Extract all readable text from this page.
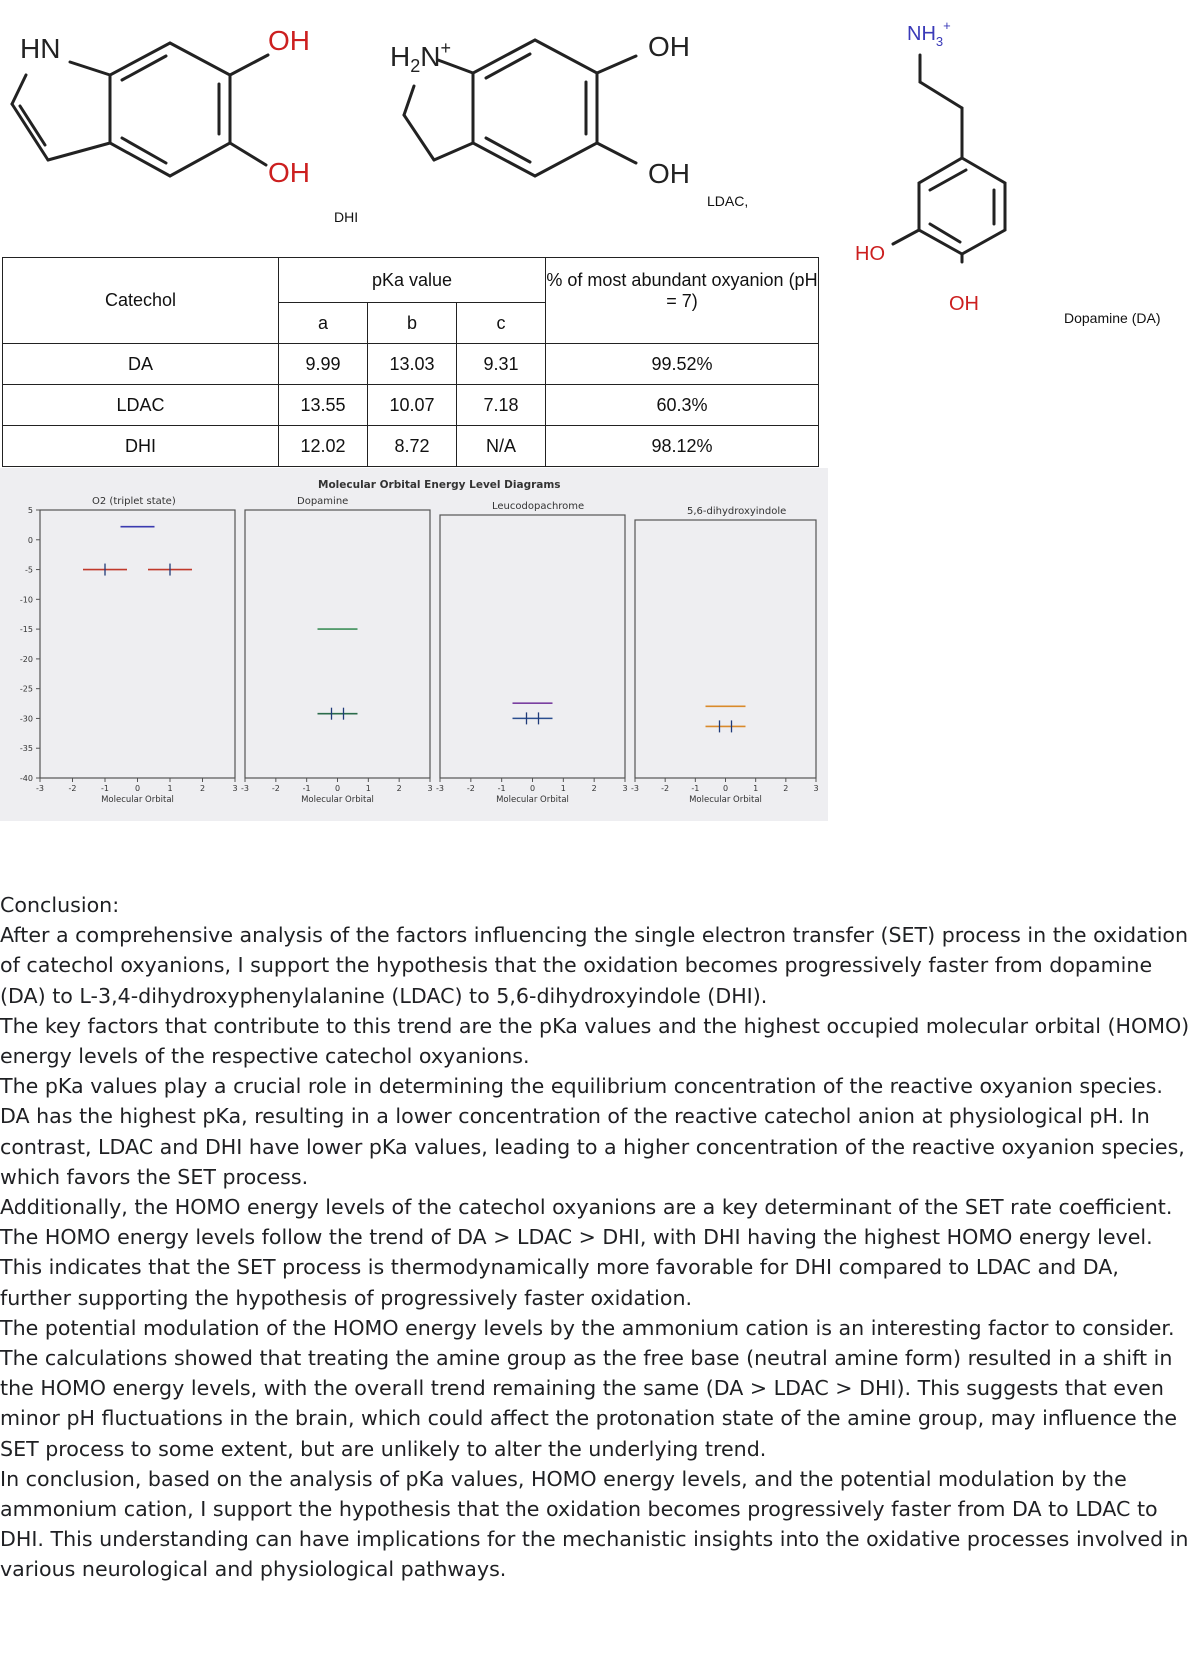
HN	OH
OH
DHI
$H_2N^+$	OH
OH
LDAC,
$NH_3^+$
HO
OH
Dopamine (DA)
Catechol	pKa value			% of most abundant oxyanion (pH = 7)
	a	b	c	
DA	9.99	13.03	9.31	99.52%
LDAC	13.55	10.07	7.18	60.3%
DHI	12.02	8.72	N/A	98.12%
Molecular Orbital Energy Level Diagrams
O2 (triplet state)
-3	-2	-1	0	1	2	3
Molecular Orbital
Dopamine
-3	-2	-1	0	1	2	3
Molecular Orbital
Leucodopachrome
-3	-2	-1	0	1	2	3
Molecular Orbital
5,6-dihydroxyindole
-3	-2	-1	0	1	2	3
Molecular Orbital
5
0
-5
-10
-15
-20
-25
-30
-35
-40

Conclusion:

After a comprehensive analysis of the factors influencing the single electron transfer (SET) process in the oxidation of catechol oxyanions, I support the hypothesis that the oxidation becomes progressively faster from dopamine (DA) to L-3,4-dihydroxyphenylalanine (LDAC) to 5,6-dihydroxyindole (DHI).

The key factors that contribute to this trend are the pKa values and the highest occupied molecular orbital (HOMO) energy levels of the respective catechol oxyanions.

The pKa values play a crucial role in determining the equilibrium concentration of the reactive oxyanion species. DA has the highest pKa, resulting in a lower concentration of the reactive catechol anion at physiological pH. In contrast, LDAC and DHI have lower pKa values, leading to a higher concentration of the reactive oxyanion species, which favors the SET process.

Additionally, the HOMO energy levels of the catechol oxyanions are a key determinant of the SET rate coefficient. The HOMO energy levels follow the trend of DA > LDAC > DHI, with DHI having the highest HOMO energy level. This indicates that the SET process is thermodynamically more favorable for DHI compared to LDAC and DA, further supporting the hypothesis of progressively faster oxidation.

The potential modulation of the HOMO energy levels by the ammonium cation is an interesting factor to consider. The calculations showed that treating the amine group as the free base (neutral amine form) resulted in a shift in the HOMO energy levels, with the overall trend remaining the same (DA > LDAC > DHI). This suggests that even minor pH fluctuations in the brain, which could affect the protonation state of the amine group, may influence the SET process to some extent, but are unlikely to alter the underlying trend.

In conclusion, based on the analysis of pKa values, HOMO energy levels, and the potential modulation by the ammonium cation, I support the hypothesis that the oxidation becomes progressively faster from DA to LDAC to DHI. This understanding can have implications for the mechanistic insights into the oxidative processes involved in various neurological and physiological pathways.
